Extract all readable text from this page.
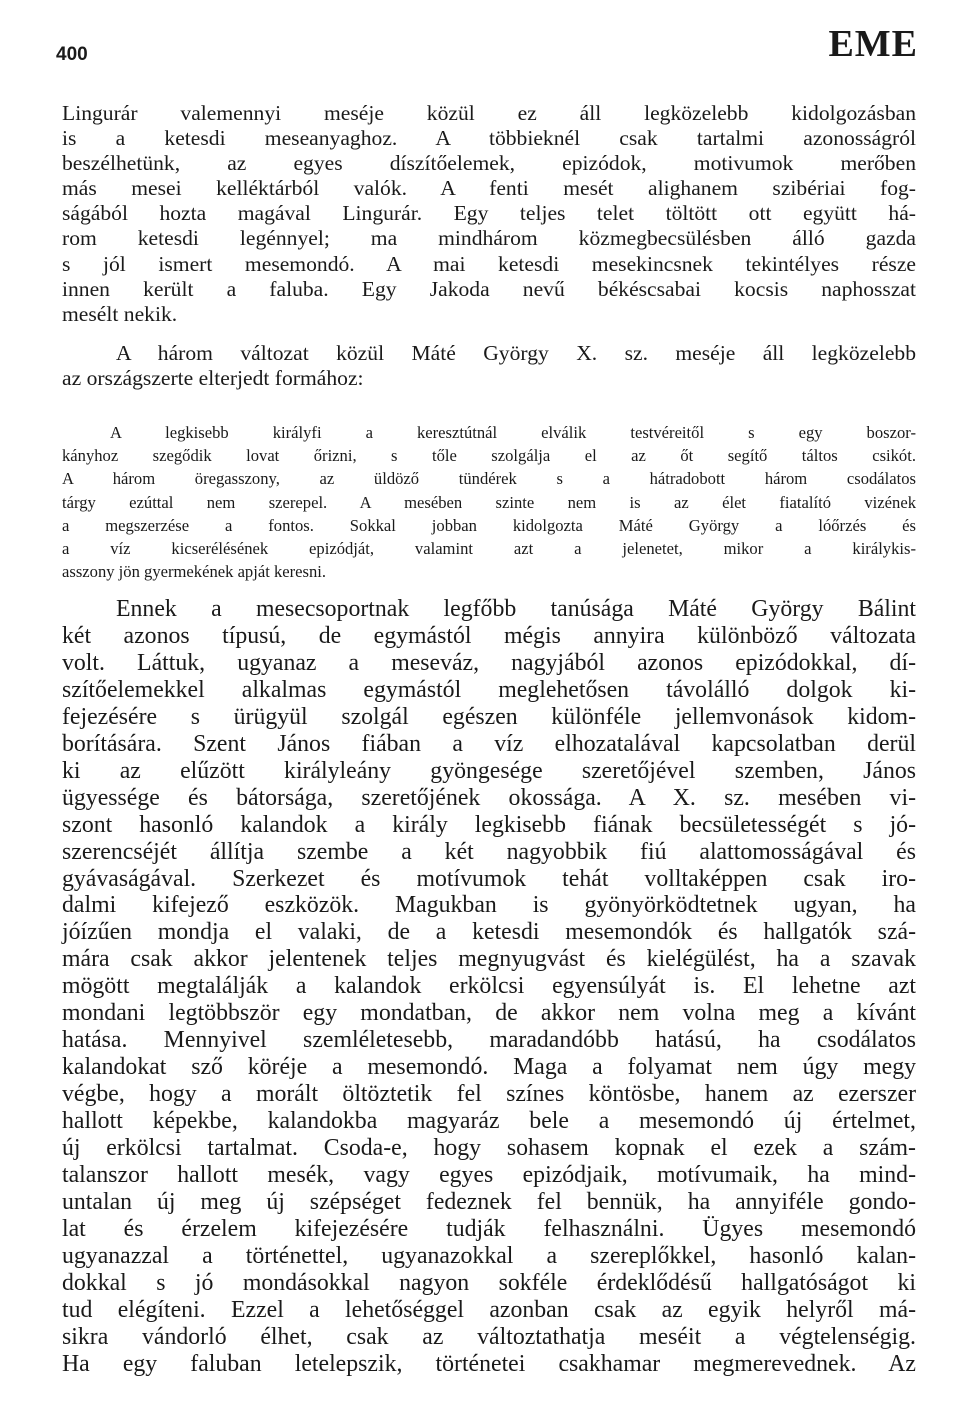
400	EME
Lingurár valemennyi meséje közül ez áll legközelebb kidolgozásban
is a ketesdi meseanyaghoz. A többieknél csak tartalmi azonosságról
beszélhetünk, az egyes díszítőelemek, epizódok, motivumok merőben
más mesei kelléktárból valók. A fenti mesét alighanem szibériai fog-
ságából hozta magával Lingurár. Egy teljes telet töltött ott együtt há-
rom ketesdi legénnyel; ma mindhárom közmegbecsülésben álló gazda
s jól ismert mesemondó. A mai ketesdi mesekincsnek tekintélyes része
innen került a faluba. Egy Jakoda nevű békéscsabai kocsis naphosszat
mesélt nekik.
A három változat közül Máté György X. sz. meséje áll legközelebb
az országszerte elterjedt formához:
A legkisebb királyfi a keresztútnál elválik testvéreitől s egy boszor-
kányhoz szegődik lovat őrizni, s tőle szolgálja el az őt segítő táltos csikót.
A három öregasszony, az üldöző tündérek s a hátradobott három csodálatos
tárgy ezúttal nem szerepel. A mesében szinte nem is az élet fiatalító vizének
a megszerzése a fontos. Sokkal jobban kidolgozta Máté György a lóőrzés és
a víz kicserélésének epizódját, valamint azt a jelenetet, mikor a királykis-
asszony jön gyermekének apját keresni.
Ennek a mesecsoportnak legfőbb tanúsága Máté György Bálint
két azonos típusú, de egymástól mégis annyira különböző változata
volt. Láttuk, ugyanaz a meseváz, nagyjából azonos epizódokkal, dí-
szítőelemekkel alkalmas egymástól meglehetősen távolálló dolgok ki-
fejezésére s ürügyül szolgál egészen különféle jellemvonások kidom-
borítására. Szent János fiában a víz elhozatalával kapcsolatban derül
ki az elűzött királyleány gyöngesége szeretőjével szemben, János
ügyessége és bátorsága, szeretőjének okossága. A X. sz. mesében vi-
szont hasonló kalandok a király legkisebb fiának becsületességét s jó-
szerencséjét állítja szembe a két nagyobbik fiú alattomosságával és
gyávaságával. Szerkezet és motívumok tehát volltaképpen csak iro-
dalmi kifejező eszközök. Magukban is gyönyörködtetnek ugyan, ha
jóízűen mondja el valaki, de a ketesdi mesemondók és hallgatók szá-
mára csak akkor jelentenek teljes megnyugvást és kielégülést, ha a szavak
mögött megtalálják a kalandok erkölcsi egyensúlyát is. El lehetne azt
mondani legtöbbször egy mondatban, de akkor nem volna meg a kívánt
hatása. Mennyivel szemléletesebb, maradandóbb hatású, ha csodálatos
kalandokat sző köréje a mesemondó. Maga a folyamat nem úgy megy
végbe, hogy a morált öltöztetik fel színes köntösbe, hanem az ezerszer
hallott képekbe, kalandokba magyaráz bele a mesemondó új értelmet,
új erkölcsi tartalmat. Csoda-e, hogy sohasem kopnak el ezek a szám-
talanszor hallott mesék, vagy egyes epizódjaik, motívumaik, ha mind-
untalan új meg új szépséget fedeznek fel bennük, ha annyiféle gondo-
lat és érzelem kifejezésére tudják felhasználni. Ügyes mesemondó
ugyanazzal a történettel, ugyanazokkal a szereplőkkel, hasonló kalan-
dokkal s jó mondásokkal nagyon sokféle érdeklődésű hallgatóságot ki
tud elégíteni. Ezzel a lehetőséggel azonban csak az egyik helyről má-
sikra vándorló élhet, csak az változtathatja meséit a végtelenségig.
Ha egy faluban letelepszik, történetei csakhamar megmerevednek. Az
